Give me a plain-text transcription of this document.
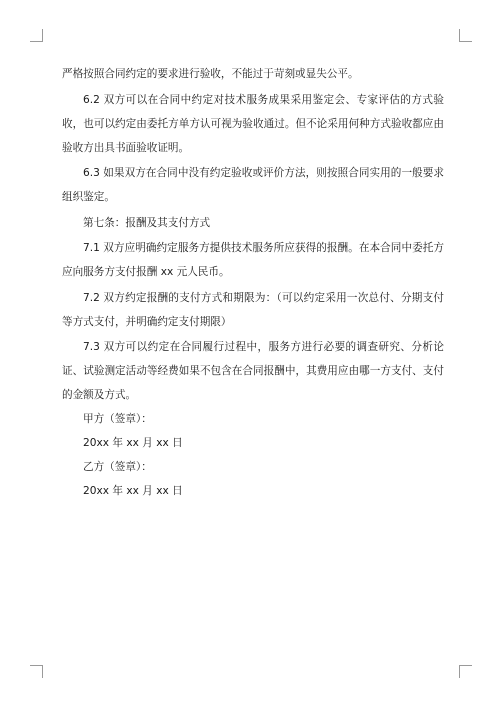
严格按照合同约定的要求进行验收，不能过于苛刻或显失公平。

6.2 双方可以在合同中约定对技术服务成果采用鉴定会、专家评估的方式验收，也可以约定由委托方单方认可视为验收通过。但不论采用何种方式验收都应由验收方出具书面验收证明。

6.3 如果双方在合同中没有约定验收或评价方法，则按照合同实用的一般要求组织鉴定。

第七条：报酬及其支付方式

7.1 双方应明确约定服务方提供技术服务所应获得的报酬。在本合同中委托方应向服务方支付报酬 xx 元人民币。

7.2 双方约定报酬的支付方式和期限为：（可以约定采用一次总付、分期支付等方式支付，并明确约定支付期限）

7.3 双方可以约定在合同履行过程中，服务方进行必要的调查研究、分析论证、试验测定活动等经费如果不包含在合同报酬中，其费用应由哪一方支付、支付的金额及方式。

甲方（签章）：

20xx 年 xx 月 xx 日

乙方（签章）：

20xx 年 xx 月 xx 日
